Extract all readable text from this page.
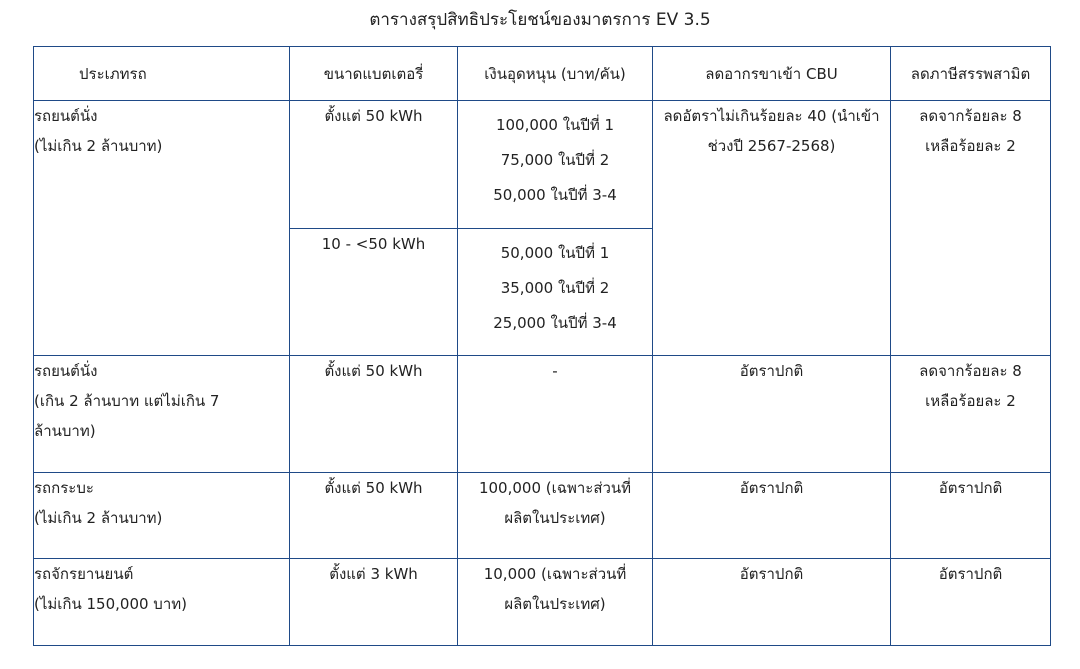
ตารางสรุปสิทธิประโยชน์ของมาตรการ EV 3.5
ประเภทรถ	ขนาดแบตเตอรี่	เงินอุดหนุน (บาท/คัน)	ลดอากรขาเข้า CBU	ลดภาษีสรรพสามิต

รถยนต์นั่ง
(ไม่เกิน 2 ล้านบาท)	ตั้งแต่ 50 kWh	100,000 ในปีที่ 1
75,000 ในปีที่ 2
50,000 ในปีที่ 3-4	ลดอัตราไม่เกินร้อยละ 40 (นำเข้า
ช่วงปี 2567-2568)	ลดจากร้อยละ 8
เหลือร้อยละ 2

	10 - <50 kWh	50,000 ในปีที่ 1
35,000 ในปีที่ 2
25,000 ในปีที่ 3-4		

รถยนต์นั่ง
(เกิน 2 ล้านบาท แต่ไม่เกิน 7
ล้านบาท)	ตั้งแต่ 50 kWh	-	อัตราปกติ	ลดจากร้อยละ 8
เหลือร้อยละ 2

รถกระบะ
(ไม่เกิน 2 ล้านบาท)	ตั้งแต่ 50 kWh	100,000 (เฉพาะส่วนที่
ผลิตในประเทศ)	อัตราปกติ	อัตราปกติ

รถจักรยานยนต์
(ไม่เกิน 150,000 บาท)	ตั้งแต่ 3 kWh	10,000 (เฉพาะส่วนที่
ผลิตในประเทศ)	อัตราปกติ	อัตราปกติ
